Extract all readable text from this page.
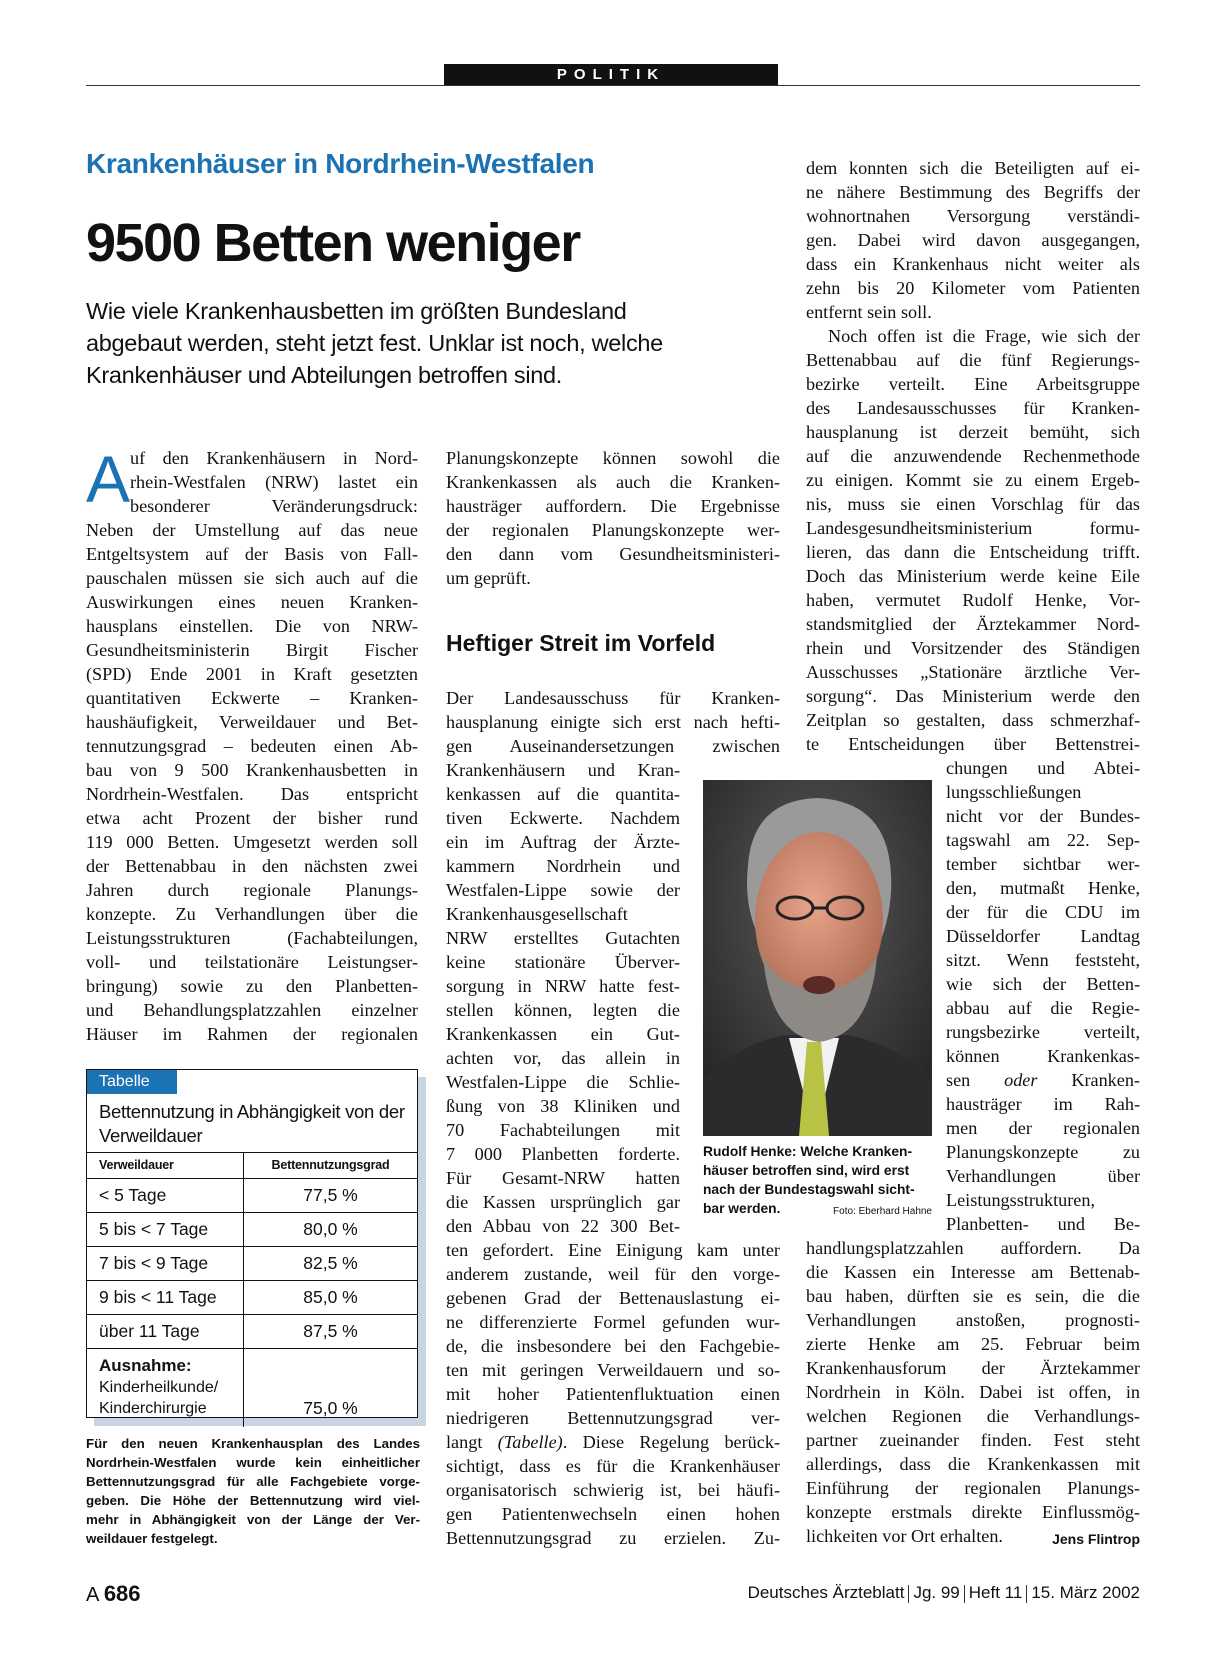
POLITIK
Krankenhäuser in Nordrhein-Westfalen
9500 Betten weniger
Wie viele Krankenhausbetten im größten Bundesland
abgebaut werden, steht jetzt fest. Unklar ist noch, welche
Krankenhäuser und Abteilungen betroffen sind.
A uf den Krankenhäusern in Nord-
rhein-Westfalen (NRW) lastet ein
besonderer Veränderungsdruck:
Neben der Umstellung auf das neue
Entgeltsystem auf der Basis von Fall-
pauschalen müssen sie sich auch auf die
Auswirkungen eines neuen Kranken-
hausplans einstellen. Die von NRW-
Gesundheitsministerin Birgit Fischer
(SPD) Ende 2001 in Kraft gesetzten
quantitativen Eckwerte – Kranken-
haushäufigkeit, Verweildauer und Bet-
tennutzungsgrad – bedeuten einen Ab-
bau von 9 500 Krankenhausbetten in
Nordrhein-Westfalen. Das entspricht
etwa acht Prozent der bisher rund
119 000 Betten. Umgesetzt werden soll
der Bettenabbau in den nächsten zwei
Jahren durch regionale Planungs-
konzepte. Zu Verhandlungen über die
Leistungsstrukturen (Fachabteilungen,
voll- und teilstationäre Leistungser-
bringung) sowie zu den Planbetten-
und Behandlungsplatzzahlen einzelner
Häuser im Rahmen der regionalen
Tabelle
Bettennutzung in Abhängigkeit von der Verweildauer
Verweildauer	Bettennutzungsgrad
< 5 Tage	77,5 %
5 bis < 7 Tage	80,0 %
7 bis < 9 Tage	82,5 %
9 bis < 11 Tage	85,0 %
über 11 Tage	87,5 %
Ausnahme:
Kinderheilkunde/
Kinderchirurgie	75,0 %
Für den neuen Krankenhausplan des Landes
Nordrhein-Westfalen wurde kein einheitlicher
Bettennutzungsgrad für alle Fachgebiete vorge-
geben. Die Höhe der Bettennutzung wird viel-
mehr in Abhängigkeit von der Länge der Ver-
weildauer festgelegt.
Planungskonzepte können sowohl die
Krankenkassen als auch die Kranken-
hausträger auffordern. Die Ergebnisse
der regionalen Planungskonzepte wer-
den dann vom Gesundheitsministeri-
um geprüft.
Heftiger Streit im Vorfeld
Der Landesausschuss für Kranken-
hausplanung einigte sich erst nach hefti-
gen Auseinandersetzungen zwischen
Krankenhäusern und Kran-
kenkassen auf die quantita-
tiven Eckwerte. Nachdem
ein im Auftrag der Ärzte-
kammern Nordrhein und
Westfalen-Lippe sowie der
Krankenhausgesellschaft
NRW erstelltes Gutachten
keine stationäre Überver-
sorgung in NRW hatte fest-
stellen können, legten die
Krankenkassen ein Gut-
achten vor, das allein in
Westfalen-Lippe die Schlie-
ßung von 38 Kliniken und
70 Fachabteilungen mit
7 000 Planbetten forderte.
Für Gesamt-NRW hatten
die Kassen ursprünglich gar
den Abbau von 22 300 Bet-
ten gefordert. Eine Einigung kam unter
anderem zustande, weil für den vorge-
gebenen Grad der Bettenauslastung ei-
ne differenzierte Formel gefunden wur-
de, die insbesondere bei den Fachgebie-
ten mit geringen Verweildauern und so-
mit hoher Patientenfluktuation einen
niedrigeren Bettennutzungsgrad ver-
langt (Tabelle). Diese Regelung berück-
sichtigt, dass es für die Krankenhäuser
organisatorisch schwierig ist, bei häufi-
gen Patientenwechseln einen hohen
Bettennutzungsgrad zu erzielen. Zu-
Rudolf Henke: Welche Kranken-
häuser betroffen sind, wird erst
nach der Bundestagswahl sicht-
bar werden.	Foto: Eberhard Hahne
dem konnten sich die Beteiligten auf ei-
ne nähere Bestimmung des Begriffs der
wohnortnahen Versorgung verständi-
gen. Dabei wird davon ausgegangen,
dass ein Krankenhaus nicht weiter als
zehn bis 20 Kilometer vom Patienten
entfernt sein soll.
Noch offen ist die Frage, wie sich der
Bettenabbau auf die fünf Regierungs-
bezirke verteilt. Eine Arbeitsgruppe
des Landesausschusses für Kranken-
hausplanung ist derzeit bemüht, sich
auf die anzuwendende Rechenmethode
zu einigen. Kommt sie zu einem Ergeb-
nis, muss sie einen Vorschlag für das
Landesgesundheitsministerium formu-
lieren, das dann die Entscheidung trifft.
Doch das Ministerium werde keine Eile
haben, vermutet Rudolf Henke, Vor-
standsmitglied der Ärztekammer Nord-
rhein und Vorsitzender des Ständigen
Ausschusses „Stationäre ärztliche Ver-
sorgung“. Das Ministerium werde den
Zeitplan so gestalten, dass schmerzhaf-
te Entscheidungen über Bettenstrei-
chungen und Abtei-
lungsschließungen
nicht vor der Bundes-
tagswahl am 22. Sep-
tember sichtbar wer-
den, mutmaßt Henke,
der für die CDU im
Düsseldorfer Landtag
sitzt. Wenn feststeht,
wie sich der Betten-
abbau auf die Regie-
rungsbezirke verteilt,
können Krankenkas-
sen oder Kranken-
hausträger im Rah-
men der regionalen
Planungskonzepte zu
Verhandlungen über
Leistungsstrukturen,
Planbetten- und Be-
handlungsplatzzahlen auffordern. Da
die Kassen ein Interesse am Bettenab-
bau haben, dürften sie es sein, die die
Verhandlungen anstoßen, prognosti-
zierte Henke am 25. Februar beim
Krankenhausforum der Ärztekammer
Nordrhein in Köln. Dabei ist offen, in
welchen Regionen die Verhandlungs-
partner zueinander finden. Fest steht
allerdings, dass die Krankenkassen mit
Einführung der regionalen Planungs-
konzepte erstmals direkte Einflussmög-
lichkeiten vor Ort erhalten.	Jens Flintrop
A 686	Deutsches Ärzteblatt Jg. 99 Heft 11 15. März 2002
